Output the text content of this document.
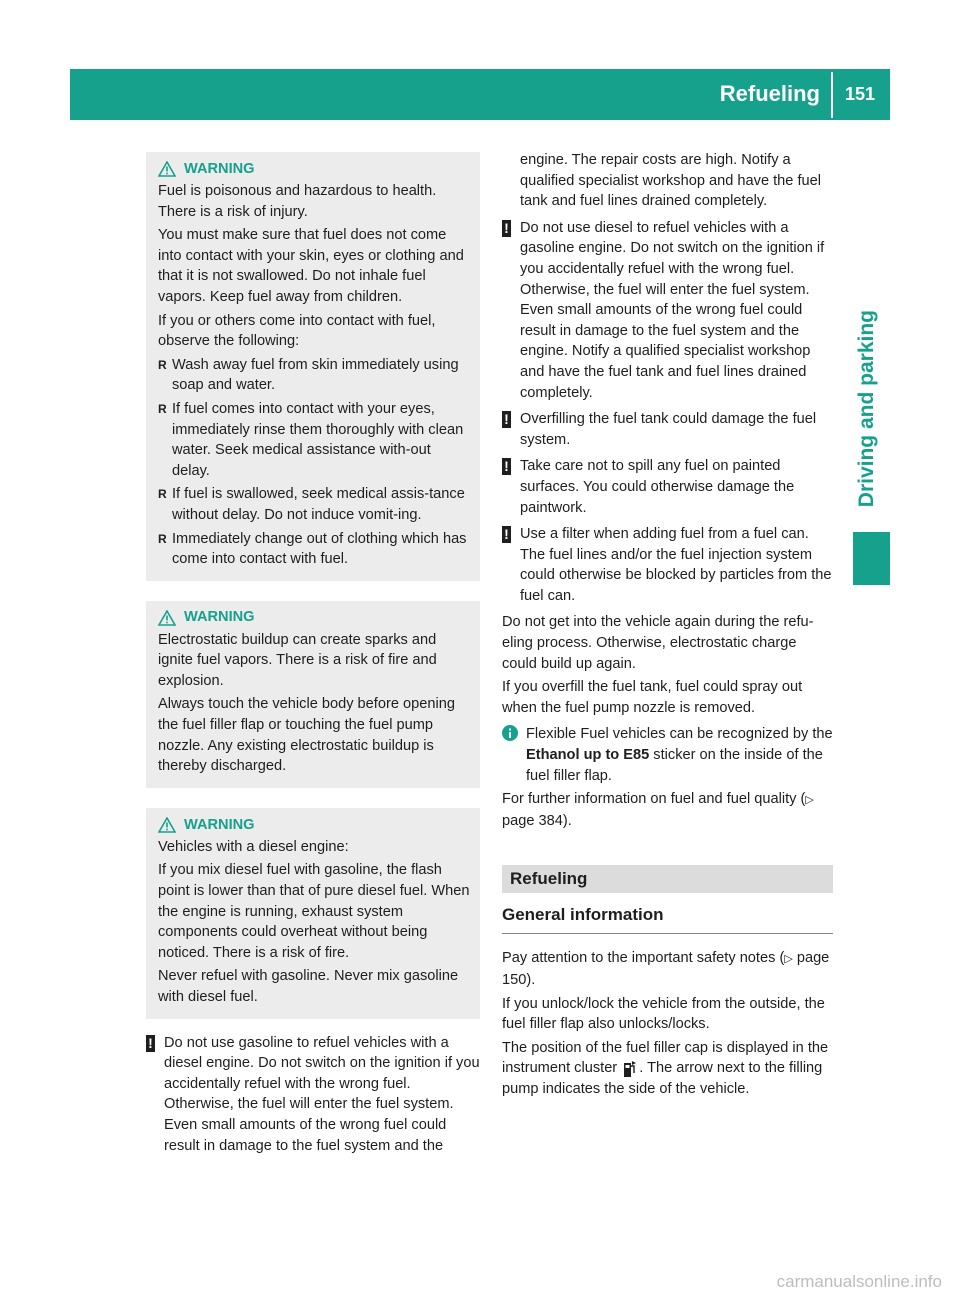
Refueling 151
Driving and parking
WARNING

Fuel is poisonous and hazardous to health. There is a risk of injury.

You must make sure that fuel does not come into contact with your skin, eyes or clothing and that it is not swallowed. Do not inhale fuel vapors. Keep fuel away from children.

If you or others come into contact with fuel, observe the following:

R Wash away fuel from skin immediately using soap and water.
R If fuel comes into contact with your eyes, immediately rinse them thoroughly with clean water. Seek medical assistance with-out delay.
R If fuel is swallowed, seek medical assis-tance without delay. Do not induce vomit-ing.
R Immediately change out of clothing which has come into contact with fuel.
WARNING

Electrostatic buildup can create sparks and ignite fuel vapors. There is a risk of fire and explosion.

Always touch the vehicle body before opening the fuel filler flap or touching the fuel pump nozzle. Any existing electrostatic buildup is thereby discharged.

WARNING

Vehicles with a diesel engine:

If you mix diesel fuel with gasoline, the flash point is lower than that of pure diesel fuel. When the engine is running, exhaust system components could overheat without being noticed. There is a risk of fire.

Never refuel with gasoline. Never mix gasoline with diesel fuel.

! Do not use gasoline to refuel vehicles with a diesel engine. Do not switch on the ignition if you accidentally refuel with the wrong fuel. Otherwise, the fuel will enter the fuel system. Even small amounts of the wrong fuel could result in damage to the fuel system and the

engine. The repair costs are high. Notify a qualified specialist workshop and have the fuel tank and fuel lines drained completely.

! Do not use diesel to refuel vehicles with a gasoline engine. Do not switch on the ignition if you accidentally refuel with the wrong fuel. Otherwise, the fuel will enter the fuel system. Even small amounts of the wrong fuel could result in damage to the fuel system and the engine. Notify a qualified specialist workshop and have the fuel tank and fuel lines drained completely.
! Overfilling the fuel tank could damage the fuel system.
! Take care not to spill any fuel on painted surfaces. You could otherwise damage the paintwork.
! Use a filter when adding fuel from a fuel can. The fuel lines and/or the fuel injection system could otherwise be blocked by particles from the fuel can.

Do not get into the vehicle again during the refu-eling process. Otherwise, electrostatic charge could build up again.

If you overfill the fuel tank, fuel could spray out when the fuel pump nozzle is removed.

Flexible Fuel vehicles can be recognized by the Ethanol up to E85 sticker on the inside of the fuel filler flap.

For further information on fuel and fuel quality (▷ page 384).

Refueling
General information

Pay attention to the important safety notes (▷ page 150).

If you unlock/lock the vehicle from the outside, the fuel filler flap also unlocks/locks.

The position of the fuel filler cap is displayed in the instrument cluster . The arrow next to the filling pump indicates the side of the vehicle.

carmanualsonline.info
